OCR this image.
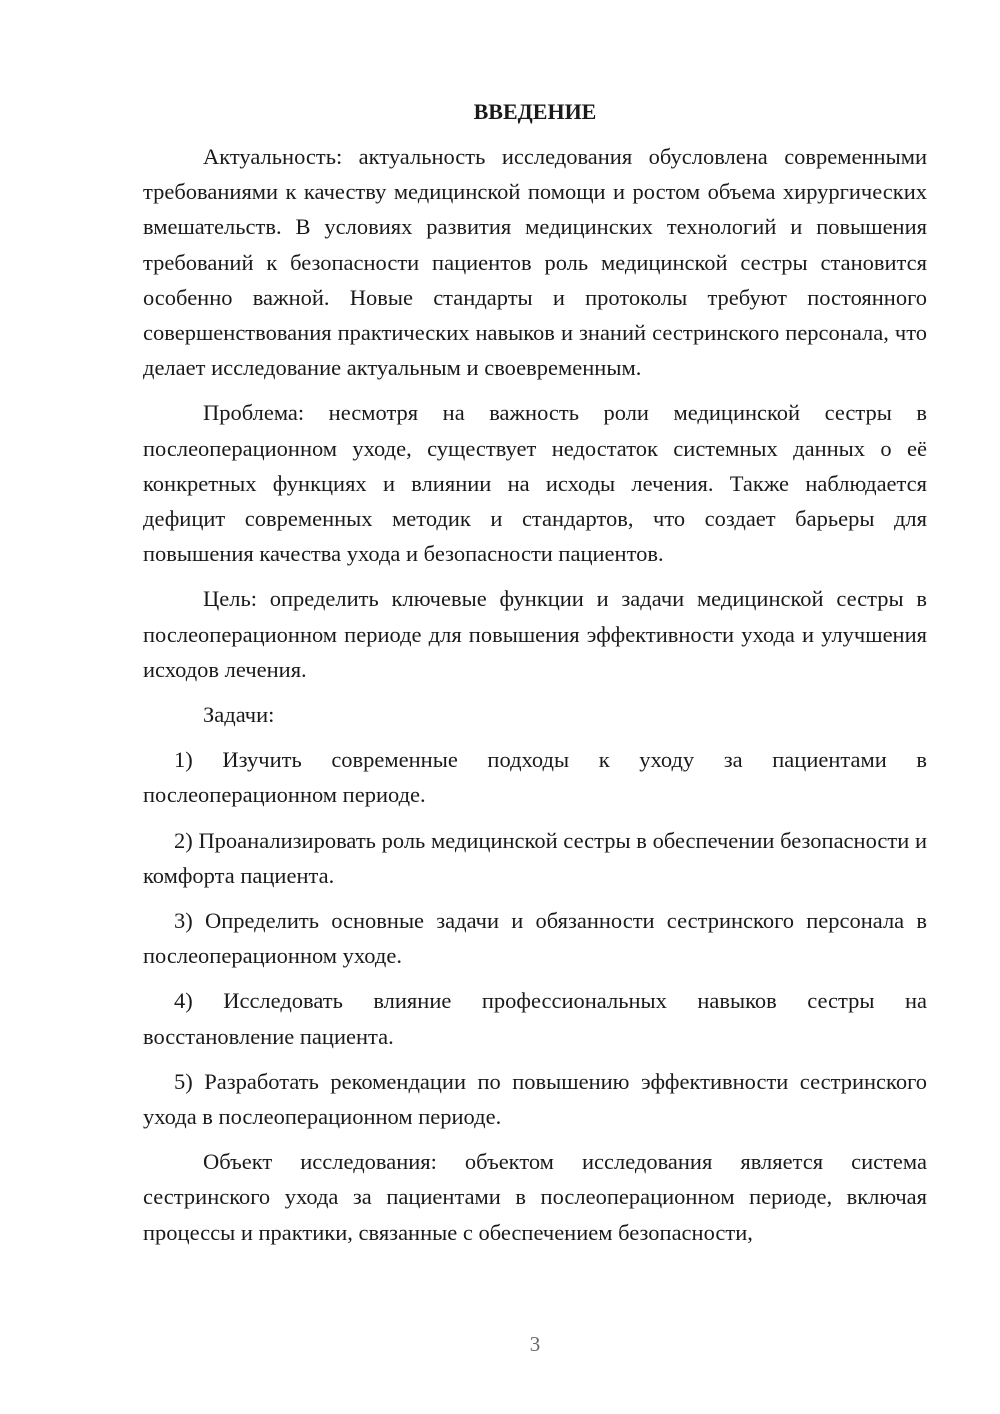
ВВЕДЕНИЕ

Актуальность: актуальность исследования обусловлена современными требованиями к качеству медицинской помощи и ростом объема хирургических вмешательств. В условиях развития медицинских технологий и повышения требований к безопасности пациентов роль медицинской сестры становится особенно важной. Новые стандарты и протоколы требуют постоянного совершенствования практических навыков и знаний сестринского персонала, что делает исследование актуальным и своевременным.

Проблема: несмотря на важность роли медицинской сестры в послеоперационном уходе, существует недостаток системных данных о её конкретных функциях и влиянии на исходы лечения. Также наблюдается дефицит современных методик и стандартов, что создает барьеры для повышения качества ухода и безопасности пациентов.

Цель: определить ключевые функции и задачи медицинской сестры в послеоперационном периоде для повышения эффективности ухода и улучшения исходов лечения.

Задачи:

1) Изучить современные подходы к уходу за пациентами в послеоперационном периоде.

2) Проанализировать роль медицинской сестры в обеспечении безопасности и комфорта пациента.

3) Определить основные задачи и обязанности сестринского персонала в послеоперационном уходе.

4) Исследовать влияние профессиональных навыков сестры на восстановление пациента.

5) Разработать рекомендации по повышению эффективности сестринского ухода в послеоперационном периоде.

Объект исследования: объектом исследования является система сестринского ухода за пациентами в послеоперационном периоде, включая процессы и практики, связанные с обеспечением безопасности,

3
